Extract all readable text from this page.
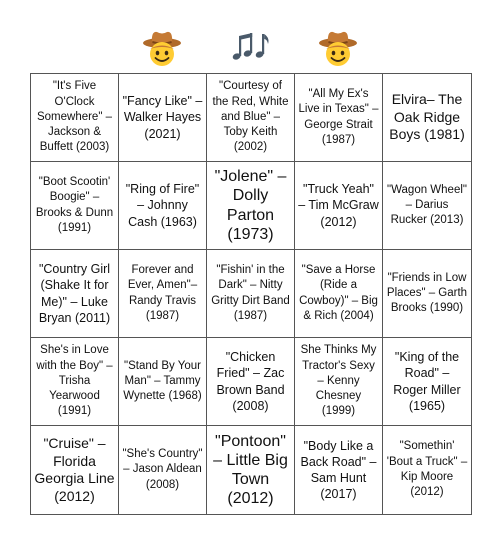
"It's Five O'Clock Somewhere" – Jackson & Buffett (2003)
"Fancy Like" – Walker Hayes (2021)
"Courtesy of the Red, White and Blue" – Toby Keith (2002)
"All My Ex's Live in Texas" – George Strait (1987)
Elvira– The Oak Ridge Boys (1981)
"Boot Scootin' Boogie" – Brooks & Dunn (1991)
"Ring of Fire" – Johnny Cash (1963)
"Jolene" – Dolly Parton (1973)
"Truck Yeah" – Tim McGraw (2012)
"Wagon Wheel" – Darius Rucker (2013)
"Country Girl (Shake It for Me)" – Luke Bryan (2011)
Forever and Ever, Amen"– Randy Travis (1987)
"Fishin' in the Dark" – Nitty Gritty Dirt Band (1987)
"Save a Horse (Ride a Cowboy)" – Big & Rich (2004)
"Friends in Low Places" – Garth Brooks (1990)
She's in Love with the Boy" – Trisha Yearwood (1991)
"Stand By Your Man" – Tammy Wynette (1968)
"Chicken Fried" – Zac Brown Band (2008)
She Thinks My Tractor's Sexy – Kenny Chesney (1999)
"King of the Road" – Roger Miller (1965)
"Cruise" – Florida Georgia Line (2012)
"She's Country" – Jason Aldean (2008)
"Pontoon" – Little Big Town (2012)
"Body Like a Back Road" – Sam Hunt (2017)
"Somethin' 'Bout a Truck" – Kip Moore (2012)
